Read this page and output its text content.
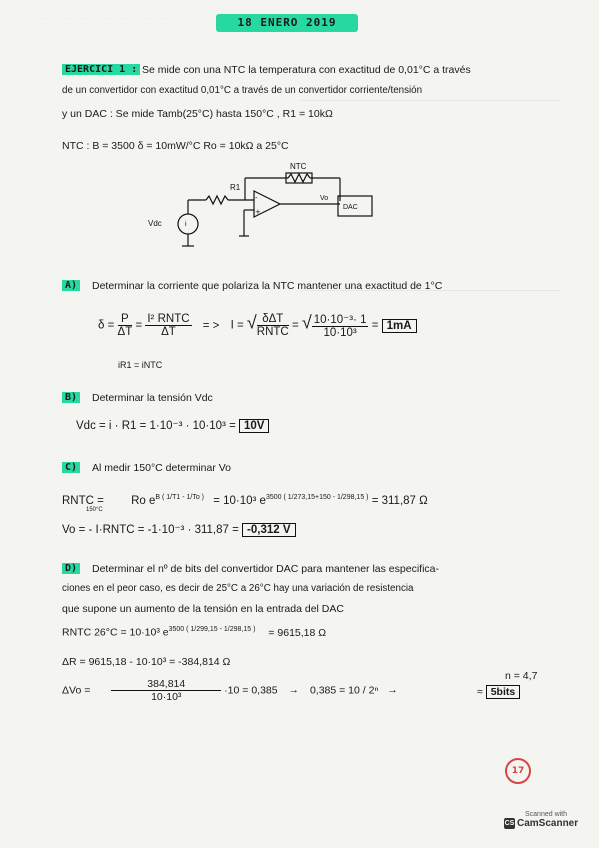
. . . . . . . . . . . . . . . . . . . . . . . . . . . . . .	18 ENERO 2019
EJERCICI 1 : Se mide con una NTC la temperatura con exactitud de 0,01°C a través
de un convertidor con exactitud 0,01°C a través de un convertidor corriente/tensión
y un DAC : Se mide Tamb(25°C) hasta 150°C , R1 = 10kΩ
NTC : B = 3500 δ = 10mW/°C Ro = 10kΩ a 25°C
R1
NTC
Vo
DAC
Vdc	i
-
+
A) Determinar la corriente que polariza la NTC mantener una exactitud de 1°C
$\delta = \frac{P}{\Delta T} = \frac{\text{I² RNTC}}{\Delta T}$ = > I = √ $\frac{\text{δΔT}}{\text{RNTC}}$ = √ $\frac{\text{10·10⁻³· 1}}{\text{10·10³}} = 1mA$
iR1 = iNTC
B) Determinar la tensión Vdc
Vdc = i · R1 = 1·10⁻³ · 10·10³ = 10V
C) Al medir 150°C determinar Vo
RNTC = Ro $e^{B ( 1/T1 - 1/To )} = 10\cdot 10^3$ $e^{3500 ( 1/273,15+150 - 1/298,15 )} = 311,87$ Ω
150°C
Vo = - I·RNTC = -1·10⁻³ · 311,87 = -0,312 V
D) Determinar el nº de bits del convertidor DAC para mantener las especifica-
ciones en el peor caso, es decir de 25°C a 26°C hay una variación de resistencia
que supone un aumento de la tensión en la entrada del DAC
RNTC 26°C = 10·10³ $e^{3500 ( 1/299,15 - 1/298,15 )} = 9615,18$ Ω
ΔR = 9615,18 - 10·10³ = -384,814 Ω
$\Delta Vo = \frac{384,814}{\text{10·10³}} \cdot 10 = 0,385 \to 0,385 = 10 / 2^n$ →
n = 4,7
≈ 5bits
17
Scanned with
CS CamScanner
